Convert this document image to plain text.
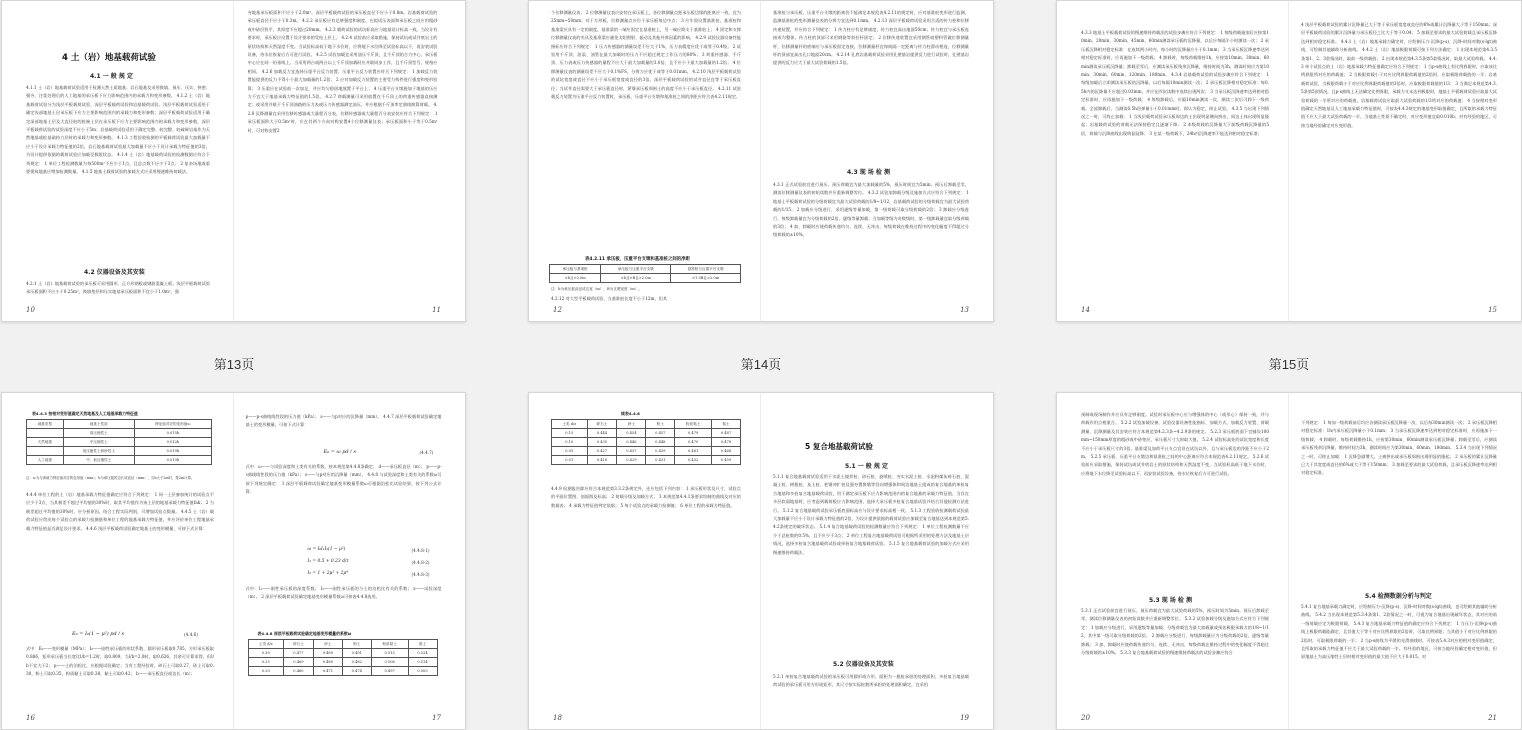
4 土（岩）地基载荷试验
4.1 一 般 规 定
4.1.1 土（岩）地基载荷试验适用于检测天然土质地基、岩石地基及采用换填、预压、压实、挤密、强夯、注浆处理后的人工地基的承压板下应力影响范围内的承载力和变形参数。 4.1.2 土（岩）地基载荷试验分为浅层平板载荷试验、深层平板载荷试验和岩基载荷试验。浅层平板载荷试验适用于确定浅部地基土层承压板下应力主要影响范围内的承载力和变形参数；深层平板载荷试验适用于确定深部地基土层及大直径桩的桩端土层在承压板下应力主要影响范围内的承载力和变形参数，深层平板载荷试验的试验深度不应小于5m；岩基载荷试验适用于确定完整、较完整、较破碎岩基作为天然地基或桩基础持力层时的承载力和变形参数。 4.1.3 工程验收检测的平板载荷试验最大加载量不应小于设计承载力特征值的2倍，岩石地基载荷试验最大加载量不应小于设计承载力特征值的3倍；为设计提供依据的载荷试验应加载至极限状态。 4.1.4 土（岩）地基载荷试验的检测数据应符合下列规定： 1 单位工程检测数量为每500m²不应少于1点，且总点数不应少于3点； 2 复杂场地或重要建筑地基应增加检测数量。 4.1.5 地基土载荷试验的加载方式应采用慢速维持荷载法。
4.2 仪器设备及其安装
4.2.1 土（岩）地基载荷试验的承压板可采用圆形、正方形钢板或钢筋混凝土板。浅层平板载荷试验承压板面积不应小于0.25m²，换填垫层和压实地基承压板面积不宜小于1.0m²，强
10
夯地基承压板面积不应小于2.0m²。深层平板载荷试验的承压板直径不应小于0.8m。岩基载荷试验的承压板直径不应小于0.3m。 4.2.2 承压板应有足够强度和刚度。在拟试压表面和承压板之间应用粗砂或中砂层找平，其厚度不应超过20mm。 4.2.3 载荷试验的试坑标高应与地基设计标高一致。当设计有要求时，承压板应设置于设计要求的受检土层上。 4.2.4 试验前应采取措施，保持试坑或试井底岩土的原状结构和天然湿度不变。当试验标高低于地下水位时，应将地下水位降至试验标高以下，再安装试验设备，待水位恢复后方可进行试验。 4.2.5 试验加载宜采用油压千斤顶，且千斤顶的合力中心、承压板中心应在同一铅垂线上。当采用两台或两台以上千斤顶加载时应并联同步工作，且千斤顶型号、规格应相同。 4.2.6 加载反力宜选择压重平台反力装置，压重平台反力装置应符合下列规定： 1 加载反力装置能提供的反力不得小于最大加载量的1.2倍； 2 应对加载反力装置的主要受力构件进行强度和变形验算； 3 压重应在试验前一次加足，并应均匀稳固地放置于平台上； 4 压重平台支墩施加于地基的压应力不宜大于地基承载力特征值的1.5倍。 4.2.7 荷载测量可采用放置在千斤顶上的荷重传感器直接测定；或采用并联于千斤顶油路的压力表或压力传感器测定油压，并应根据千斤顶率定曲线换算荷载。 4.2.8 沉降测量宜采用位移传感器或大量程百分表，位移传感器或大量程百分表安装应符合下列规定： 1 承压板面积大于0.5m²时，应在其两个方向对称安置4个位移测量仪表；承压板面积小于等于0.5m²时，可对称安置2
11
第13页
个位移测量仪表； 2 位移测量仪表应安装在承压板上，各位移测量点距承压板边缘的距离应一致，宜为25mm~50mm；对于方形板，位移测量点应位于承压板每边中点； 3 应牢固设置基准桩，基准桩和基准梁应具有一定的刚度，基准梁的一端应固定在基准桩上，另一端应简支于基准桩上； 4 固定和支撑位移测量仪表的夹具及基准梁应避免太阳照射、振动及其他外界因素的影响。 4.2.9 试验仪器设备性能指标应符合下列规定： 1 压力传感器的测量误差不应大于1%，压力表精度应优于或等于0.4级； 2 试验用千斤顶、油泵、油管在最大加载时的压力不应超过规定工作压力的80%； 3 荷重传感器、千斤顶、压力表或压力传感器的量程不应大于最大加载量的3.0倍，且不应小于最大加载量的1.2倍； 4 位移测量仪表的测量误差不应大于0.1%FS，分辨力应优于或等于0.01mm。 4.2.10 浅层平板载荷试验的试坑宽度或直径不应小于承压板宽度或直径的3倍。深层平板载荷试验的试井直径宜等于承压板直径；当试井直径需要大于承压板直径时，紧靠承压板周围土的高度不应小于承压板直径。 4.2.11 试验载反力装置为压重平台反力装置时，承压板、压重平台支墩和基准桩之间的净距应符合表4.2.11规定。
表4.2.11 承压板、压重平台支墩和基准桩之间的净距
承压板与基准桩	承压板与压重平台支墩	基准桩与压重平台支墩
>b且>2.0m	>b且>B且>2.0m	>1.5B且>2.0m
注：b为承压板直径或边宽（m），B为支墩宽度（m）。
4.2.12 对大型平板载荷试验，当基准桩长度不小于12m，但其
12
基准桩与承压板、压重平台支墩的距离仍不能满足本规范表4.2.11的规定时，应对基准桩变形进行监测。监测基准桩的变形测量仪表的分辨力宜达到0.1mm。 4.2.13 深层平板载荷试验采用合适的传力柱和位移传递装置，并应符合下列规定： 1 传力柱应有足够刚度，传力柱宜高出地面50cm；传力柱宜与承压板连接成为整体，传力柱的顶部可采用钢筋等斜拉杆固定； 2 位移传递装置宜采用钢管或塑料管做位移测量杆，位移测量杆的底端应与承压板固定连接，位移测量杆宜每间隔一定距离与传力柱滑动相连，位移测量杆的顶部宜高出孔口地面20cm。 4.2.14 孔底岩基载荷试验采用孔壁基岩提供反力进行试验时，孔壁基岩提供的反力应大于最大试验荷载的1.5倍。
4.3 现 场 检 测
4.3.1 正式试验前宜进行预压。预压荷载宜为最大加载量的5%，预压时间宜为5min。预压后卸载至零，测读位移测量仪表的初始读数并应重新调整零位。 4.3.2 试验加卸载分级及施加方式应符合下列规定： 1 地基土平板载荷试验的分级荷载宜为最大试验荷载的1/8~1/12，岩基载荷试验的分级荷载宜为最大试验荷载的1/15； 2 加载应分级进行，采用逐级等量加载，第一级荷载可取分级荷载的2倍； 3 卸载应分级进行，每级卸载量宜为分级荷载的2倍，逐级等量卸载；当加载等级为奇数级时，第一级卸载量宜取分级荷载的3倍； 4 加、卸载时应使荷载传递均匀、连续、无冲击，每级荷载在维持过程中的变化幅度不得超过分级荷载的±10%。
13
第14页
4.3.3 地基土平板载荷试验的慢速维持荷载法的试验步骤应符合下列规定： 1 每级荷载施加后应按第10min、20min、30min、45min、60min测读承压板的沉降量，以后应每隔半小时测读一次； 2 承压板沉降相对稳定标准：在连续两小时内，每小时的沉降量应小于0.1mm； 3 当承压板沉降速率达到相对稳定标准时，应再施加下一级荷载； 4 卸载时，每级荷载维持1h，应按第10min、30min、60min测读承压板沉降量；卸载至零后，应测读承压板残余沉降量，维持时间为3h，测读时间应为第10min、30min、60min、120min、180min。 4.3.4 岩基载荷试验的试验步骤应符合下列规定： 1 每级加载后立即测读承压板的沉降量，以后每隔10min测读一次； 2 承压板沉降相对稳定标准：每0.5h内的沉降量不应超过0.03mm，并应在四次读数中连续出现两次； 3 当承压板沉降速率达到相对稳定标准时，应再施加下一级荷载； 4 每级卸载后，应隔10min测读一次，测读三次后可卸下一级荷载。全部卸载后，当测读0.5h回弹量小于0.01mm时，即认为稳定，终止试验。 4.3.5 当出现下列情况之一时，可终止加载： 1 当浅层载荷试验承压板周边的土出现明显侧向挤出，周边土体出现明显隆起；岩基载荷试验的荷载无法保持稳定且逐渐下降； 2 本级荷载的沉降量大于前级荷载沉降量的5倍，荷载与沉降曲线出现明显陡降； 3 在某一级荷载下，24h内沉降速率不能达到相对稳定标准；
14
4 浅层平板载荷试验的累计沉降量已大于等于承压板宽度或直径的6%或累计沉降量大于等于150mm；深层平板载荷试验的累计沉降量与承压板径之比大于等于0.04； 5 加载至要求的最大试验荷载且承压板沉降达到相对稳定标准。 4.4.1 土（岩）地基承载力确定时，应绘制压力-沉降(p-s)、沉降-时间对数(s-lgt)曲线，可绘制其他辅助分析曲线。 4.4.2 土（岩）地基极限荷载可按下列方法确定： 1 出现本规范第4.3.5条第1、2、3款情况时，取前一级荷载值； 2 出现本规范第4.3.5条第5款情况时，取最大试验荷载。 4.4.3 单个试验点的土（岩）地基承载力特征值确定应符合下列规定： 1 当p-s曲线上有比例界限时，应取该比例界限所对应的荷载值； 2 当极限荷载小于对应比例界限荷载值的2倍时，应取极限荷载值的一半；岩基载荷试验，当极限荷载小于对应比例界限荷载值的3倍时，应取极限荷载值的1/3； 3 当满足本规范第4.3.5条第5款情况，且p-s曲线上无法确定比例界限，承载力又未达到极限时，地基土平板载荷试验应取最大试验荷载的一半所对应的荷载值，岩基载荷试验应取最大试验荷载的1/3所对应的荷载值； 4 当按相对变形值确定天然地基及人工地基承载力特征值时，可按表4.4.3规定的地基变形取值确定，且所取的承载力特征值不应大于最大试验荷载的一半。当地基土性质不确定时，对应变形值宜取0.010b；对有经验的地区，可按当地经验确定对应变形值。
15
第15页
表4.4.3 按相对变形值确定天然地基及人工地基承载力特征值
地基类型	地基土性质	特征值对应的变形值s₀
	高压缩性土	0.015b
天然地基	中压缩性土	0.012b
	低压缩性土和砂性土	0.010b
人工地基	中、低压缩性土	0.010b
注：s₀为与承载力特征值对应的变形值（mm）；b为承压板的边长或直径（mm），当b大于2m时，按2m计算。
4.4.4 单位工程的土（岩）地基承载力特征值确定应符合下列规定： 1 同一土层参加统计的试验点不应少于3点，当其极差不超过平均值的30%时，取其平均值作为该土层的地基承载力特征值fak； 2 当极差超过平均值的30%时，应分析原因，结合工程实际判别，可增加试验点数量。 4.4.5 土（岩）载荷试验应给出每个试验点的承载力检测值和单位工程的地基承载力特征值，并应评价单位工程地基承载力特征值是否满足设计要求。 4.4.6 浅层平板载荷试验确定地基土的变形模量，可按下式计算：
E₀ = I₀(1 − μ²) pd / s	(4.4.6)
式中：E₀——变形模量（MPa）； I₀——刚性承压板的形状系数，圆形承压板取0.785，方形承压板取0.886，矩形承压板当长宽比l/b=1.2时，取0.809，当l/b=2.0时，取0.626，其余可计算求得，但l/b不宜大于2； μ——土的泊松比，应根据试验确定；当有工程经验时，碎石土可取0.27，砂土可取0.30，粉土可取0.35，粉质黏土可取0.38，黏土可取0.42； b——承压板直径或边长（m）；
16
p——p-s曲线线性段的压力值（kPa）； s——与p对应的沉降量（mm）。 4.4.7 深层平板载荷试验确定地基土的变形模量，可按下式计算：
E₀ = ω pd / s	(4.4.7)
式中：ω——与试验深度和土类有关的系数，按本规范第4.4.8条确定； d——承压板直径（m）； p——p-s曲线线性段的压力值（kPa）； s——与p对应的沉降量（mm）。 4.4.8 与试验深度和土类有关的系数ω可按下列规定确定： 1 深层平板载荷试验确定地基变形模量系数ω可根据泊松比试验结果，按下列公式计算：
ω = I₀I₁I₂(1 − μ²)	(4.4.8-1)
I₁ = 0.5 + 0.23 d/z	(4.4.8-2)
I₂ = 1 + 2μ² + 2μ⁴	(4.4.8-3)
式中：I₁——刚性承压板的深度系数； I₂——刚性承压板的与土的泊松比有关的系数； z——试验深度（m）。 2 深层平板载荷试验确定地基变形模量系数ω可按表4.4.8选用。
表4.4.8 深层平板载荷试验确定地基变形模量的系数ω
土类 d/z	碎石土	砂土	粉土	粉质黏土	黏土
0.30	0.477	0.489	0.491	0.515	0.524
0.25	0.469	0.480	0.482	0.506	0.514
0.20	0.460	0.471	0.474	0.497	0.505
17
续表4.4.8
土类 d/z	碎石土	砂土	粉土	粉质黏土	黏土
0.15	0.444	0.454	0.457	0.479	0.487
0.10	0.435	0.446	0.448	0.470	0.478
0.05	0.427	0.437	0.439	0.461	0.468
0.01	0.418	0.429	0.431	0.452	0.459
4.4.9 检测报告除应符合本规范第3.3.2条规定外，还应包括下列内容： 1 承压板形状及尺寸，试验点的平面位置图、剖面图及标高； 2 荷载分级及加载方式； 3 本规范第4.4.1条要求绘制的曲线及对应的数据表； 4 承载力特征值判定依据； 5 每个试验点的承载力检测值； 6 单位工程的承载力特征值。
18
5 复合地基载荷试验
5.1 一 般 规 定
5.1.1 复合地基载荷试验适用于水泥土搅拌桩、砂石桩、旋喷桩、夯实水泥土桩、水泥粉煤灰碎石桩、混凝土桩、树根桩、灰土桩、柱锤冲扩桩及强夯置换墩等竖向增强体和周边地基土组成的复合地基的单桩复合地基和多桩复合地基载荷试验，用于测定承压板下应力影响范围内的复合地基的承载力特征值。当存在多层软弱地基时，应考虑到载荷板应力影响范围，选择大承压板多桩复合地基试验并结合其他检测方法进行。 5.1.2 复合地基载荷试验承压板底面标高应与设计要求标高相一致。 5.1.3 工程验收检测载荷试验最大加载量不应小于设计承载力特征值的2倍，为设计提供依据的载荷试验应加载至复合地基达到本规范第5.4.2条规定的破坏状态。 5.1.4 复合地基载荷试验的检测数量应符合下列规定： 1 单位工程检测数量不应少于总桩数的0.5%，且不应少于3点； 2 单位工程复合地基载荷试验可根据所采用的处理方法及地基土层情况，选择多桩复合地基载荷试验或单桩复合地基载荷试验。 5.1.5 复合地基载荷试验的加载方式应采用慢速维持荷载法。
5.2 仪器设备及其安装
5.2.1 单桩复合地基载荷试验的承压板可用圆形或方形，面积为一根桩承担的处理面积；多桩复合地基载荷试验的承压板可用方形或矩形，其尺寸按实际桩数所承担的处理面积确定，宜采用
19
预制或现场制作并应具有足够刚度。试验时承压板中心应与增强体的中心（或形心）保持一致，并与荷载作用点相重合。 5.2.2 试验加载设备、试验仪器设备性能指标、加载方式、加载反力装置、荷载测量、沉降测量及其安装应符合本规范第4.2.3条~4.2.9条的规定。 5.2.3 承压板底面下宜铺设100mm~150mm厚度的粗砂或中砂垫层，承压板尺寸大时取大值。 5.2.4 试验标高处的试坑宽度和长度不应小于承压板尺寸的3倍。基准梁及加荷平台支点宜设在试坑以外，且与承压板边的净距不应小于2m。 5.2.5 承压板、压重平台支墩边和基准桩之间的中心距离应符合本规范表4.2.11规定。 5.2.6 试验前应采取措施，保持试坑或试井底岩土的原状结构和天然湿度不变。当试验标高低于地下水位时，应将地下水位降至试验标高以下，再安装试验设备，待水位恢复后方可进行试验。
5.3 现 场 检 测
5.3.1 正式试验前宜进行预压，预压荷载宜为最大试验荷载的5%，预压时间为5min。预压后卸载至零，测读位移测量仪表的初始读数并应重新调整零位。 5.3.2 试验加载分级及施加方式应符合下列规定： 1 加载应分级进行，采用逐级等量加载；分级荷载宜为最大加载量或预估极限承载力的1/8~1/12，其中第一级可取分级荷载的2倍； 2 卸载应分级进行，每级卸载量应为分级荷载的2倍，逐级等量卸载； 3 加、卸载时应使荷载传递均匀、连续、无冲击，每级荷载在维持过程中的变化幅度不得超过分级荷载的±10%。 5.3.3 复合地基载荷试验的慢速维持荷载法的试验步骤应符合
20
下列规定： 1 每加一级荷载前后均应各测读承压板沉降量一次，以后每30min测读一次； 2 承压板沉降相对稳定标准：1h内承压板沉降量小于0.1mm； 3 当承压板沉降速率达到相对稳定标准时，应再施加下一级荷载； 4 卸载时，每级荷载维持1h，应按第30min、60min测读承压板沉降量；卸载至零后，应测读承压板残余沉降量，维持时间为3h，测读时间应为第30min、60min、180min。 5.3.4 当出现下列情况之一时，可终止加载： 1 沉降急剧增大，土被挤出或承压板周围出现明显的隆起； 2 承压板的累计沉降量已大于其宽度或直径的6%或大于等于150mm； 3 加载至要求的最大试验荷载，且承压板沉降速率达到相对稳定标准。
5.4 检测数据分析与判定
5.4.1 复合地基承载力确定时，应绘制压力-沉降(p-s)、沉降-时间对数(s-lgt)曲线，也可绘制其他辅助分析曲线。 5.4.2 当出现本规范第5.3.4条第1、2款情况之一时，可视为复合地基出现破坏状态，其对应的前一级荷载应定为极限荷载。 5.4.3 复合地基承载力特征值的确定应符合下列规定： 1 当压力-沉降(p-s)曲线上极限荷载能确定，且其值大于等于对应比例界限的2倍时，可取比例界限；当其值小于对应比例界限的2倍时，可取极限荷载的一半； 2 当p-s曲线为平缓的光滑曲线时，可按表5.4.3对应的相对变形值确定，且所取的承载力特征值不应大于最大试验荷载的一半。有经验的地区，可按当地经验确定相对变形值，但原地基土为高压缩性土层时相对变形值的最大值不应大于0.015。对
21
